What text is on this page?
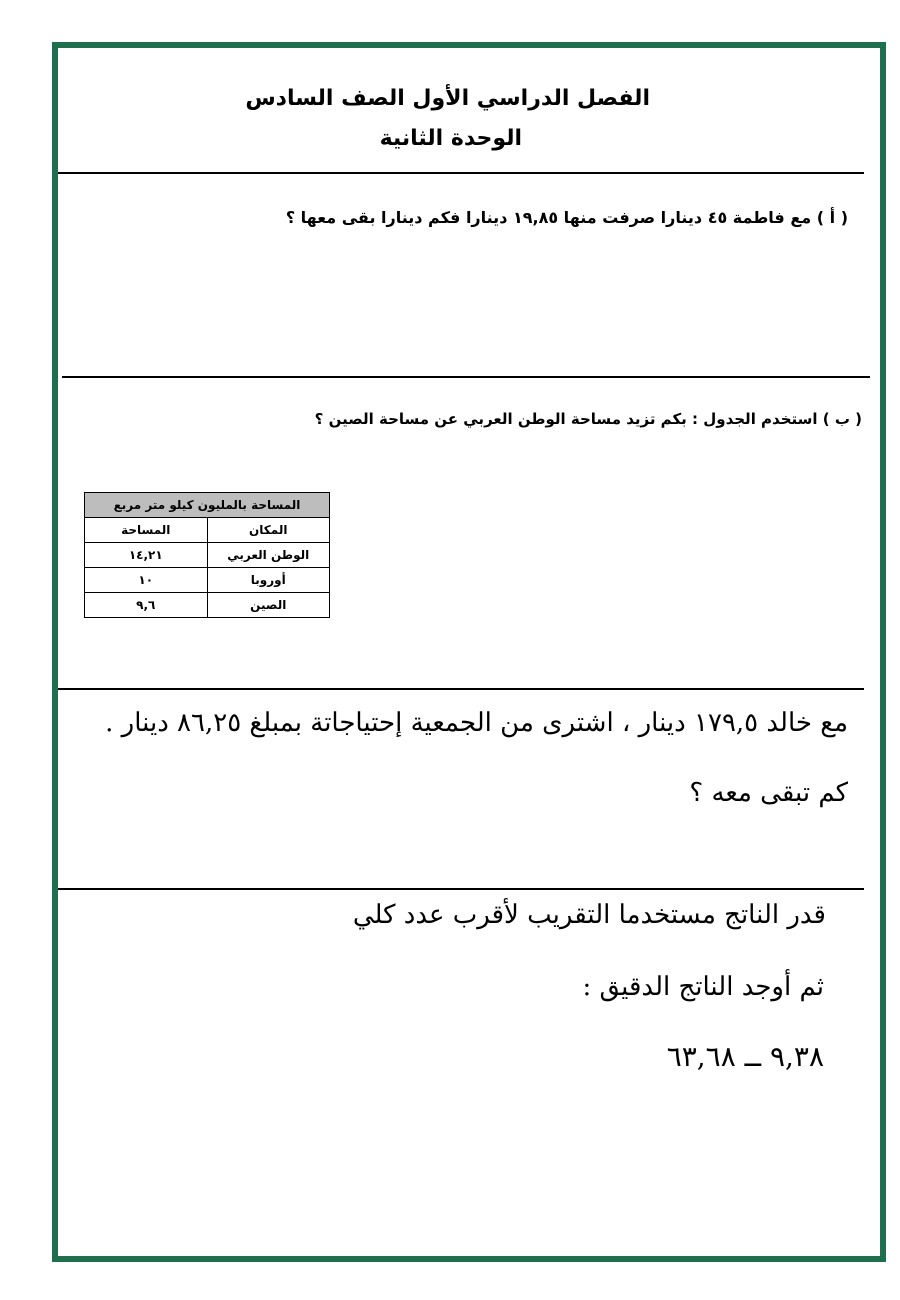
الفصل الدراسي الأول الصف السادس
الوحدة الثانية
( أ ) مع فاطمة ٤٥ دينارا صرفت منها ١٩,٨٥ دينارا فكم دينارا بقى معها ؟
( ب ) استخدم الجدول : بكم تزيد مساحة الوطن العربي عن مساحة الصين ؟
المساحة بالمليون كيلو متر مربع	
المكان	المساحة
الوطن العربي	١٤,٢١
أوروبا	١٠
الصين	٩,٦
مع خالد ١٧٩,٥ دينار ، اشترى من الجمعية إحتياجاتة بمبلغ ٨٦,٢٥ دينار .
كم تبقى معه ؟
قدر الناتج مستخدما التقريب لأقرب عدد كلي
ثم أوجد الناتج الدقيق :
٩,٣٨ ــ ٦٣,٦٨
